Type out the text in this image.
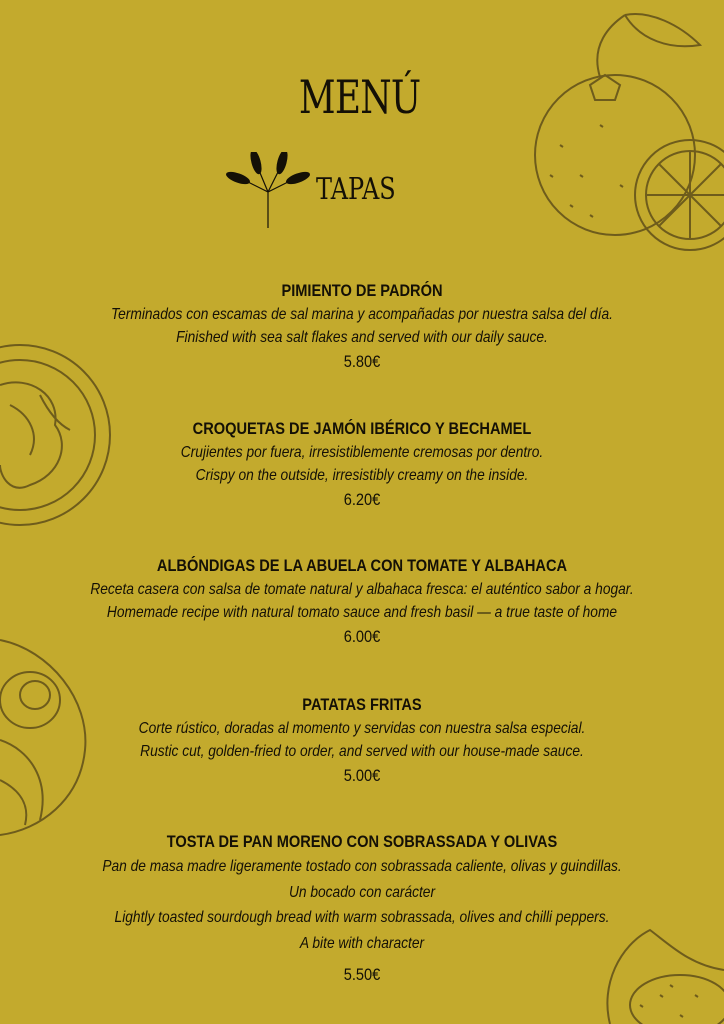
MENÚ
TAPAS
PIMIENTO DE PADRÓN
Terminados con escamas de sal marina y acompañadas por nuestra salsa del día.
Finished with sea salt flakes and served with our daily sauce.
5.80€
CROQUETAS DE JAMÓN IBÉRICO Y BECHAMEL
Crujientes por fuera, irresistiblemente cremosas por dentro.
Crispy on the outside, irresistibly creamy on the inside.
6.20€
ALBÓNDIGAS DE LA ABUELA CON TOMATE Y ALBAHACA
Receta casera con salsa de tomate natural y albahaca fresca: el auténtico sabor a hogar.
Homemade recipe with natural tomato sauce and fresh basil — a true taste of home
6.00€
PATATAS FRITAS
Corte rústico, doradas al momento y servidas con nuestra salsa especial.
Rustic cut, golden-fried to order, and served with our house-made sauce.
5.00€
TOSTA DE PAN MORENO CON SOBRASSADA Y OLIVAS
Pan de masa madre ligeramente tostado con sobrassada caliente, olivas y guindillas.
Un bocado con carácter
Lightly toasted sourdough bread with warm sobrassada, olives and chilli peppers.
A bite with character
5.50€
